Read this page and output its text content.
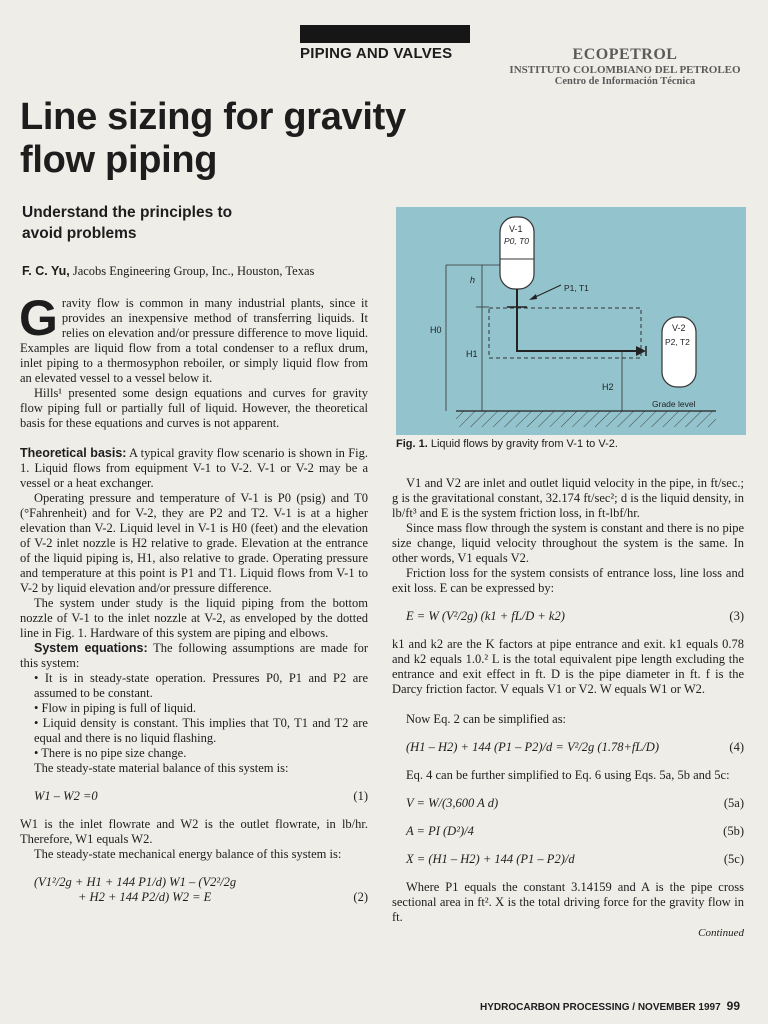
PIPING AND VALVES	ECOPETROL
INSTITUTO COLOMBIANO DEL PETROLEO
Centro de Información Técnica
Line sizing for gravity
flow piping
Understand the principles to
avoid problems
F. C. Yu, Jacobs Engineering Group, Inc., Houston, Texas
V-1
P0, T0
V-2
P2, T2
P1, T1
h
H0
H1
H2
Grade level
Fig. 1. Liquid flows by gravity from V-1 to V-2.

Gravity flow is common in many industrial plants, since it provides an inexpensive method of transferring liquids. It relies on elevation and/or pressure difference to move liquid. Examples are liquid flow from a total condenser to a reflux drum, inlet piping to a thermosyphon reboiler, or simply liquid flow from an elevated vessel to a vessel below it.

Hills¹ presented some design equations and curves for gravity flow piping full or partially full of liquid. However, the theoretical basis for these equations and curves is not apparent.

Theoretical basis: A typical gravity flow scenario is shown in Fig. 1. Liquid flows from equipment V-1 to V-2. V-1 or V-2 may be a vessel or a heat exchanger.

Operating pressure and temperature of V-1 is P0 (psig) and T0 (°Fahrenheit) and for V-2, they are P2 and T2. V-1 is at a higher elevation than V-2. Liquid level in V-1 is H0 (feet) and the elevation of V-2 inlet nozzle is H2 relative to grade. Elevation at the entrance of the liquid piping is, H1, also relative to grade. Operating pressure and temperature at this point is P1 and T1. Liquid flows from V-1 to V-2 by liquid elevation and/or pressure difference.

The system under study is the liquid piping from the bottom nozzle of V-1 to the inlet nozzle at V-2, as enveloped by the dotted line in Fig. 1. Hardware of this system are piping and elbows.

System equations: The following assumptions are made for this system:

• It is in steady-state operation. Pressures P0, P1 and P2 are assumed to be constant.

• Flow in piping is full of liquid.

• Liquid density is constant. This implies that T0, T1 and T2 are equal and there is no liquid flashing.

• There is no pipe size change.

The steady-state material balance of this system is:

W1 – W2 =0	(1)

W1 is the inlet flowrate and W2 is the outlet flowrate, in lb/hr. Therefore, W1 equals W2.

The steady-state mechanical energy balance of this system is:

(V1²/2g + H1 + 144 P1/d) W1 – (V2²/2g
+ H2 + 144 P2/d) W2 = E	(2)

V1 and V2 are inlet and outlet liquid velocity in the pipe, in ft/sec.; g is the gravitational constant, 32.174 ft/sec²; d is the liquid density, in lb/ft³ and E is the system friction loss, in ft-lbf/hr.

Since mass flow through the system is constant and there is no pipe size change, liquid velocity throughout the system is the same. In other words, V1 equals V2.

Friction loss for the system consists of entrance loss, line loss and exit loss. E can be expressed by:

E = W (V²/2g) (k1 + fL/D + k2)	(3)

k1 and k2 are the K factors at pipe entrance and exit. k1 equals 0.78 and k2 equals 1.0.² L is the total equivalent pipe length excluding the entrance and exit effect in ft. D is the pipe diameter in ft. f is the Darcy friction factor. V equals V1 or V2. W equals W1 or W2.

Now Eq. 2 can be simplified as:

(H1 – H2) + 144 (P1 – P2)/d = V²/2g (1.78+fL/D)	(4)

Eq. 4 can be further simplified to Eq. 6 using Eqs. 5a, 5b and 5c:

V = W/(3,600 A d)	(5a)
A = PI (D²)/4	(5b)
X = (H1 – H2) + 144 (P1 – P2)/d	(5c)

Where P1 equals the constant 3.14159 and A is the pipe cross sectional area in ft². X is the total driving force for the gravity flow in ft.

Continued
HYDROCARBON PROCESSING / NOVEMBER 1997 99
